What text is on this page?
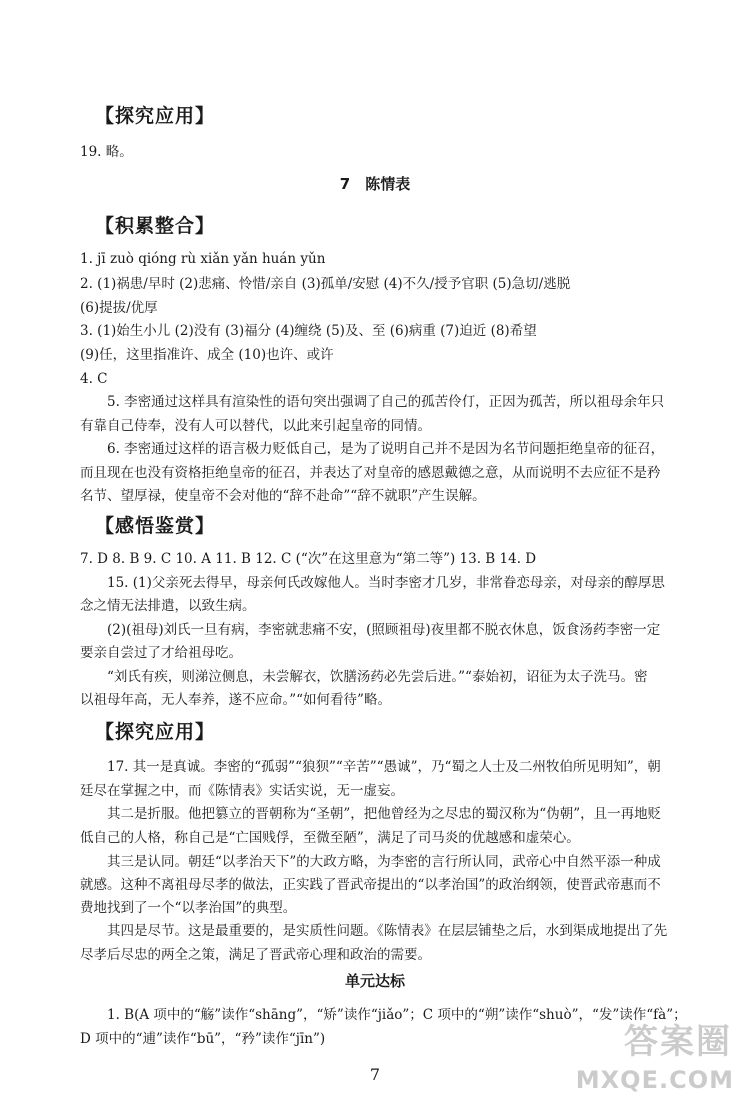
【探究应用】
19. 略。
7　陈情表
【积累整合】
1. jī zuò qióng rù xiǎn yǎn huán yǔn
2. (1)祸患/早时 (2)悲痛、怜惜/亲自 (3)孤单/安慰 (4)不久/授予官职 (5)急切/逃脱
(6)提拔/优厚
3. (1)始生小儿 (2)没有 (3)福分 (4)缠绕 (5)及、至 (6)病重 (7)迫近 (8)希望
(9)任，这里指准许、成全 (10)也许、或许
4. C
5. 李密通过这样具有渲染性的语句突出强调了自己的孤苦伶仃，正因为孤苦，所以祖母余年只
有靠自己侍奉，没有人可以替代，以此来引起皇帝的同情。
6. 李密通过这样的语言极力贬低自己，是为了说明自己并不是因为名节问题拒绝皇帝的征召，
而且现在也没有资格拒绝皇帝的征召，并表达了对皇帝的感恩戴德之意，从而说明不去应征不是矜
名节、望厚禄，使皇帝不会对他的“辞不赴命”“辞不就职”产生误解。
【感悟鉴赏】
7. D 8. B 9. C 10. A 11. B 12. C (“次”在这里意为“第二等”) 13. B 14. D
15. (1)父亲死去得早，母亲何氏改嫁他人。当时李密才几岁，非常眷恋母亲，对母亲的醇厚思
念之情无法排遣，以致生病。
(2)(祖母)刘氏一旦有病，李密就悲痛不安，(照顾祖母)夜里都不脱衣休息，饭食汤药李密一定
要亲自尝过了才给祖母吃。
“刘氏有疾，则涕泣侧息，未尝解衣，饮膳汤药必先尝后进。”“泰始初，诏征为太子洗马。密
以祖母年高，无人奉养，遂不应命。”“如何看待”略。
【探究应用】
17. 其一是真诚。李密的“孤弱”“狼狈”“辛苦”“愚诚”，乃“蜀之人士及二州牧伯所见明知”，朝
廷尽在掌握之中，而《陈情表》实话实说，无一虚妄。
其二是折服。他把篡立的晋朝称为“圣朝”，把他曾经为之尽忠的蜀汉称为“伪朝”，且一再地贬
低自己的人格，称自己是“亡国贱俘，至微至陋”，满足了司马炎的优越感和虚荣心。
其三是认同。朝廷“以孝治天下”的大政方略，为李密的言行所认同，武帝心中自然平添一种成
就感。这种不离祖母尽孝的做法，正实践了晋武帝提出的“以孝治国”的政治纲领，使晋武帝惠而不
费地找到了一个“以孝治国”的典型。
其四是尽节。这是最重要的，是实质性问题。《陈情表》在层层铺垫之后，水到渠成地提出了先
尽孝后尽忠的两全之策，满足了晋武帝心理和政治的需要。
单元达标
1. B(A 项中的“觞”读作“shāng”，“矫”读作“jiǎo”；C 项中的“朔”读作“shuò”，“发”读作“fà”；
D 项中的“逋”读作“bū”，“矜”读作“jīn”)
7
答案圈
MXQE.COM
